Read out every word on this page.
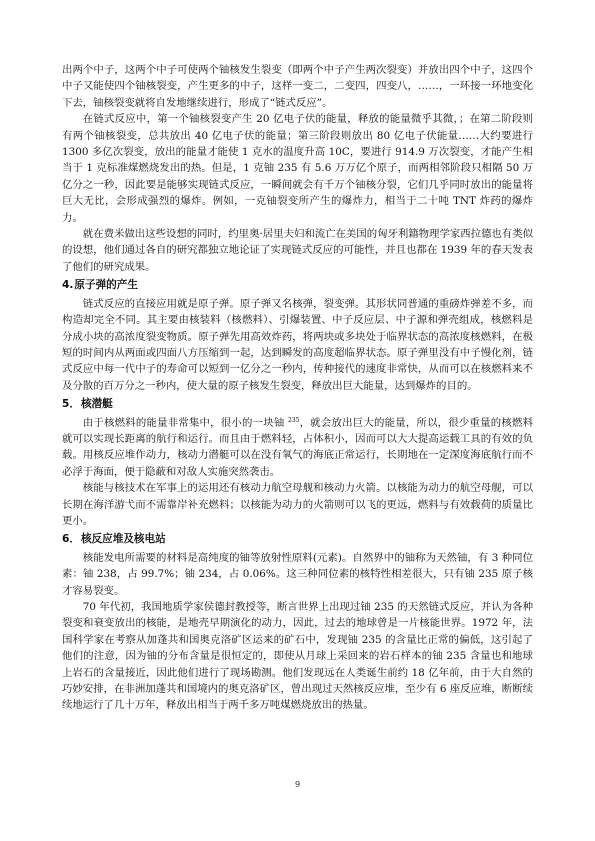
出两个中子，这两个中子可使两个铀核发生裂变（即两个中子产生两次裂变）并放出四个中子，这四个中子又能使四个铀核裂变，产生更多的中子，这样一变二，二变四，四变八，……，一环接一环地变化下去，铀核裂变就将自发地继续进行，形成了“链式反应”。

在链式反应中，第一个铀核裂变产生 20 亿电子伏的能量，释放的能量微乎其微，；在第二阶段则有两个铀核裂变，总共放出 40 亿电子伏的能量；第三阶段则放出 80 亿电子伏能量……大约要进行 1300 多亿次裂变，放出的能量才能使 1 克水的温度升高 10C，要进行 914.9 万次裂变，才能产生相当于 1 克标准煤燃烧发出的热。但是，1 克铀 235 有 5.6 万万亿个原子，而两相邻阶段只相隔 50 万亿分之一秒，因此要是能够实现链式反应，一瞬间就会有千万个铀核分裂，它们几乎同时放出的能量将巨大无比，会形成强烈的爆炸。例如，一克铀裂变所产生的爆炸力，相当于二十吨 TNT 炸药的爆炸力。

就在费米做出这些设想的同时，约里奥·居里夫妇和流亡在美国的匈牙利籍物理学家西拉德也有类似的设想，他们通过各自的研究都独立地论证了实现链式反应的可能性，并且也都在 1939 年的春天发表了他们的研究成果。

4.原子弹的产生

链式反应的直接应用就是原子弹。原子弹又名核弹，裂变弹。其形状同普通的重磅炸弹差不多，而构造却完全不同。其主要由核装料（核燃料）、引爆装置、中子反应层、中子源和弹壳组成，核燃料是分成小块的高浓度裂变物质。原子弹先用高效炸药，将两块或多块处于临界状态的高浓度核燃料，在极短的时间内从两面或四面八方压缩到一起，达到瞬发的高度超临界状态。原子弹里没有中子慢化剂，链式反应中每一代中子的寿命可以短到一亿分之一秒内，传种接代的速度非常快，从而可以在核燃料来不及分散的百万分之一秒内，使大量的原子核发生裂变，释放出巨大能量，达到爆炸的目的。

5．核潜艇

由于核燃料的能量非常集中，很小的一块铀 $^{235}$，就会放出巨大的能量，所以，很少重量的核燃料就可以实现长距离的航行和运行。而且由于燃料轻，占体积小，因而可以大大提高运载工具的有效的负载。用核反应堆作动力，核动力潜艇可以在没有氧气的海底正常运行，长期地在一定深度海底航行而不必浮于海面，便于隐蔽和对敌人实施突然袭击。

核能与核技术在军事上的运用还有核动力航空母舰和核动力火箭。以核能为动力的航空母舰，可以长期在海洋游弋而不需靠岸补充燃料；以核能为动力的火箭则可以飞的更远，燃料与有效载荷的质量比更小。

6．核反应堆及核电站

核能发电所需要的材料是高纯度的铀等放射性原料(元素)。自然界中的铀称为天然铀，有 3 种同位素：铀 238，占 99.7%；铀 234，占 0.06%。这三种同位素的核特性相差很大，只有铀 235 原子核才容易裂变。

70 年代初，我国地质学家侯德封教授等，断言世界上出现过铀 235 的天然链式反应，并认为各种裂变和衰变放出的核能，是地壳早期演化的动力，因此，过去的地球曾是一片核能世界。1972 年，法国科学家在考察从加蓬共和国奥克洛矿区运来的矿石中，发现铀 235 的含量比正常的偏低，这引起了他们的注意，因为铀的分布含量是很恒定的，即使从月球上采回来的岩石样本的铀 235 含量也和地球上岩石的含量接近，因此他们进行了现场勘测。他们发现远在人类诞生前约 18 亿年前，由于大自然的巧妙安排，在非洲加蓬共和国境内的奥克洛矿区，曾出现过天然核反应堆，至少有 6 座反应堆，断断续续地运行了几十万年，释放出相当于两千多万吨煤燃烧放出的热量。

9
